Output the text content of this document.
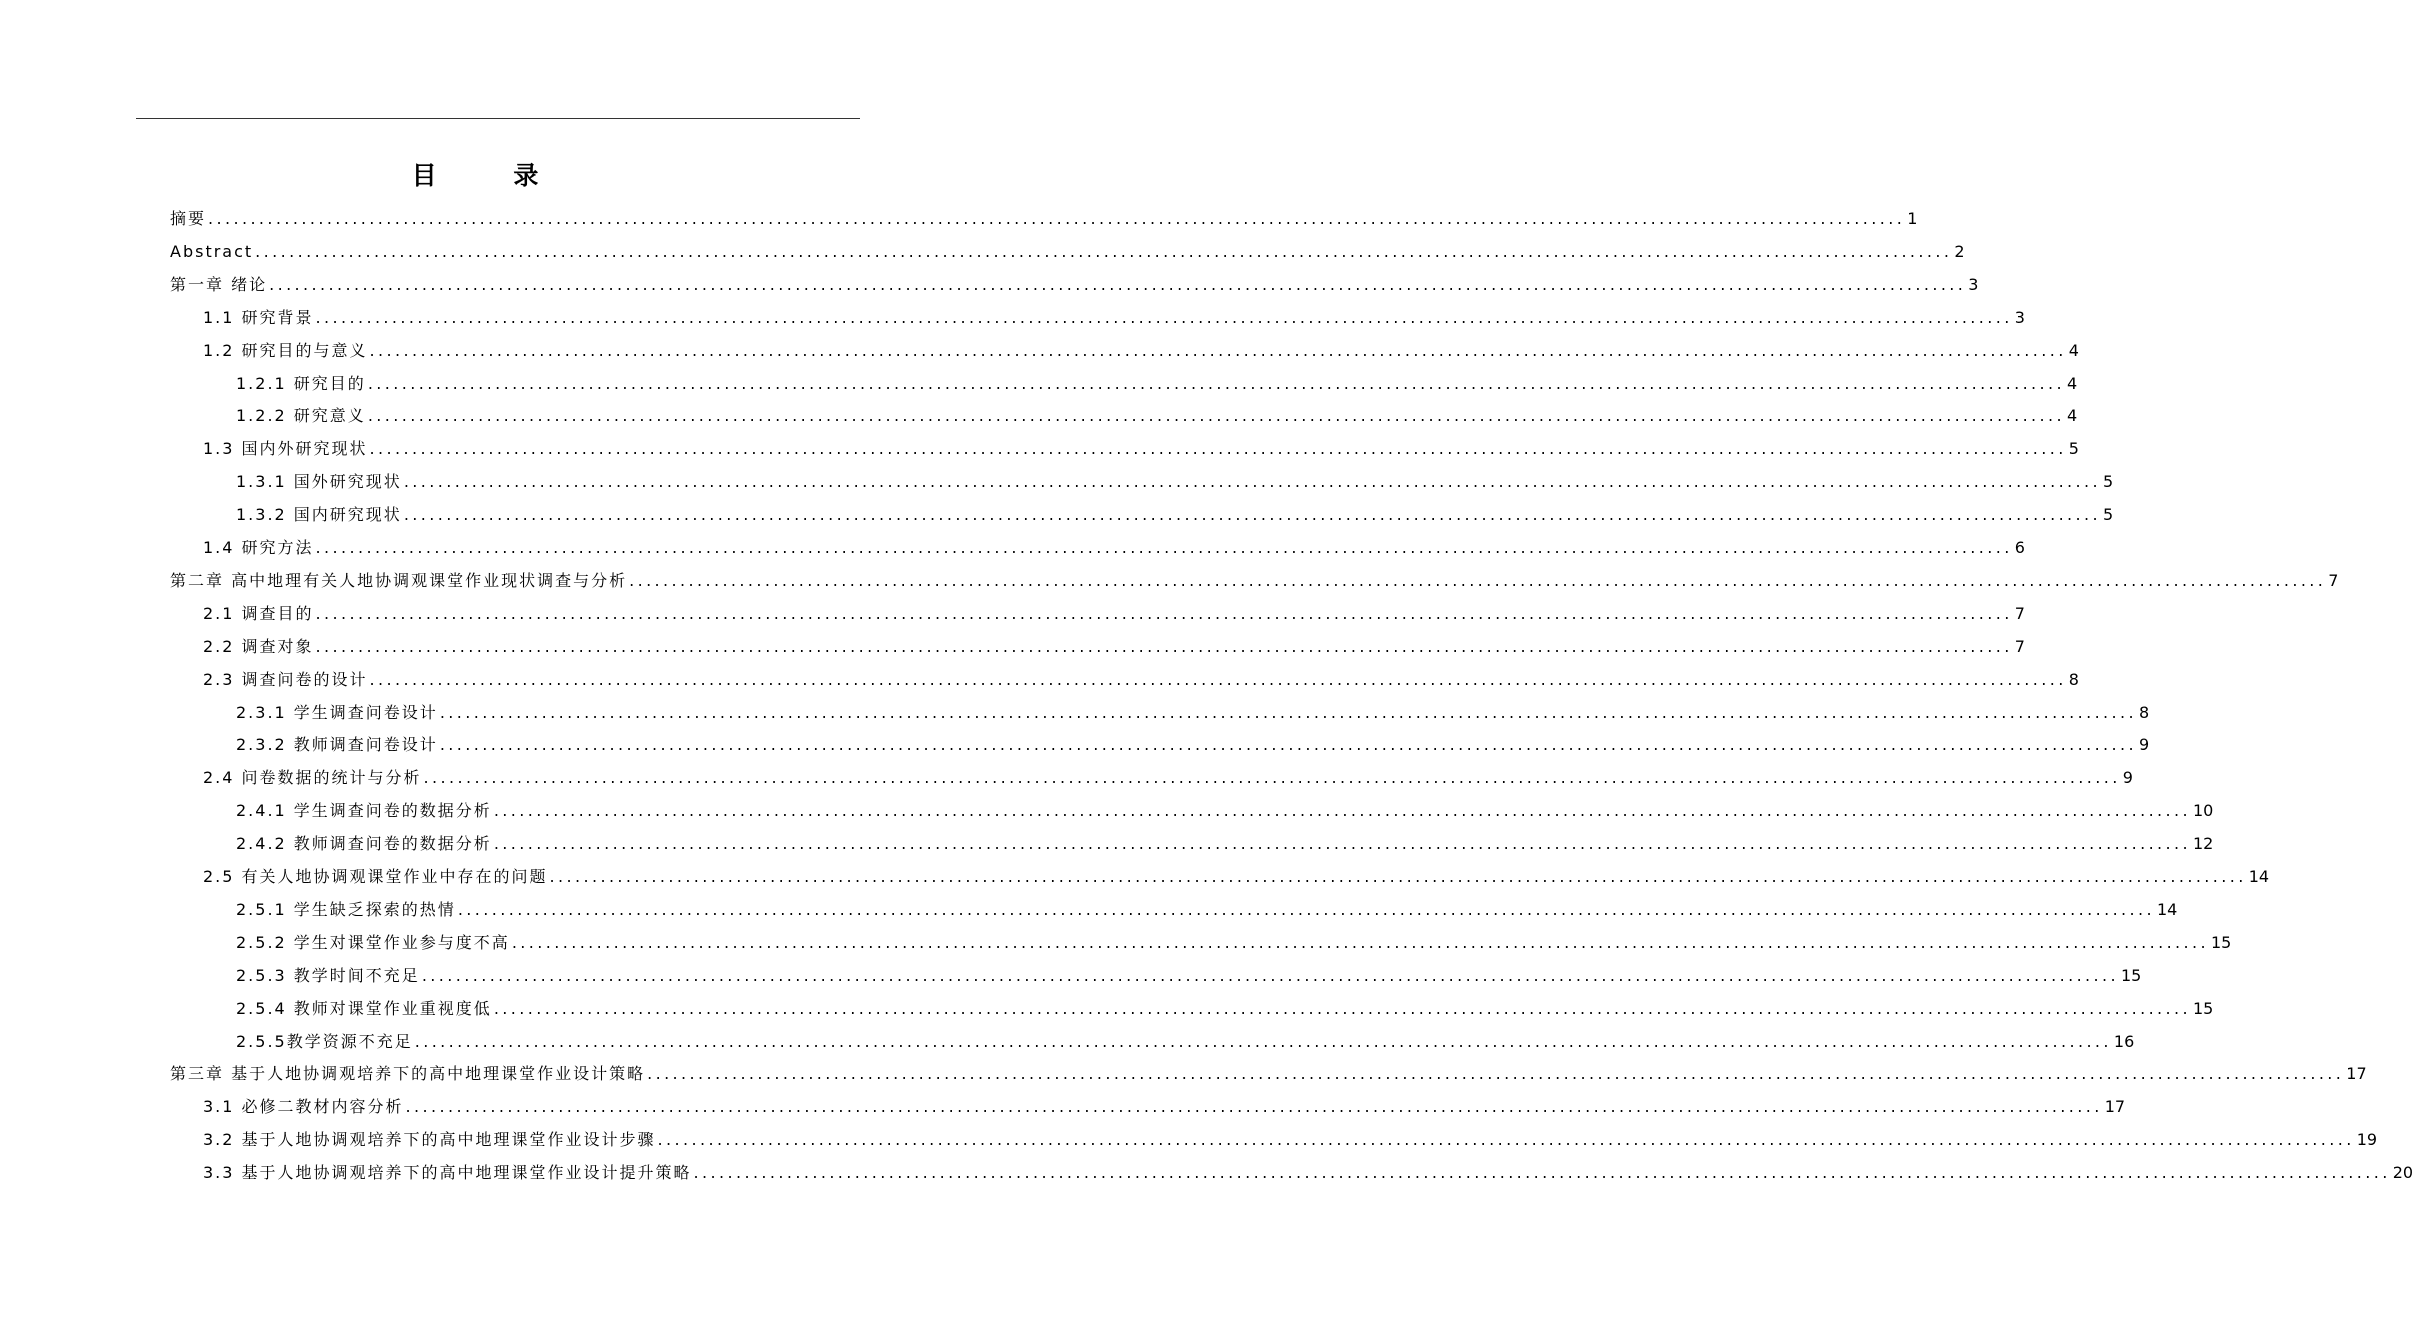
目 录
摘要 ........................................................................................................................................................................................................ 1
Abstract ........................................................................................................................................................................................................ 2
第一章 绪论 ........................................................................................................................................................................................................ 3
1.1 研究背景 ........................................................................................................................................................................................................ 3
1.2 研究目的与意义 ........................................................................................................................................................................................................ 4
1.2.1 研究目的 ........................................................................................................................................................................................................ 4
1.2.2 研究意义 ........................................................................................................................................................................................................ 4
1.3 国内外研究现状 ........................................................................................................................................................................................................ 5
1.3.1 国外研究现状 ........................................................................................................................................................................................................ 5
1.3.2 国内研究现状 ........................................................................................................................................................................................................ 5
1.4 研究方法 ........................................................................................................................................................................................................ 6
第二章 高中地理有关人地协调观课堂作业现状调查与分析 ........................................................................................................................................................................................................ 7
2.1 调查目的 ........................................................................................................................................................................................................ 7
2.2 调查对象 ........................................................................................................................................................................................................ 7
2.3 调查问卷的设计 ........................................................................................................................................................................................................ 8
2.3.1 学生调查问卷设计 ........................................................................................................................................................................................................ 8
2.3.2 教师调查问卷设计 ........................................................................................................................................................................................................ 9
2.4 问卷数据的统计与分析 ........................................................................................................................................................................................................ 9
2.4.1 学生调查问卷的数据分析 ........................................................................................................................................................................................................ 10
2.4.2 教师调查问卷的数据分析 ........................................................................................................................................................................................................ 12
2.5 有关人地协调观课堂作业中存在的问题 ........................................................................................................................................................................................................ 14
2.5.1 学生缺乏探索的热情 ........................................................................................................................................................................................................ 14
2.5.2 学生对课堂作业参与度不高 ........................................................................................................................................................................................................ 15
2.5.3 教学时间不充足 ........................................................................................................................................................................................................ 15
2.5.4 教师对课堂作业重视度低 ........................................................................................................................................................................................................ 15
2.5.5教学资源不充足 ........................................................................................................................................................................................................ 16
第三章 基于人地协调观培养下的高中地理课堂作业设计策略 ........................................................................................................................................................................................................ 17
3.1 必修二教材内容分析 ........................................................................................................................................................................................................ 17
3.2 基于人地协调观培养下的高中地理课堂作业设计步骤 ........................................................................................................................................................................................................ 19
3.3 基于人地协调观培养下的高中地理课堂作业设计提升策略 ........................................................................................................................................................................................................ 20
